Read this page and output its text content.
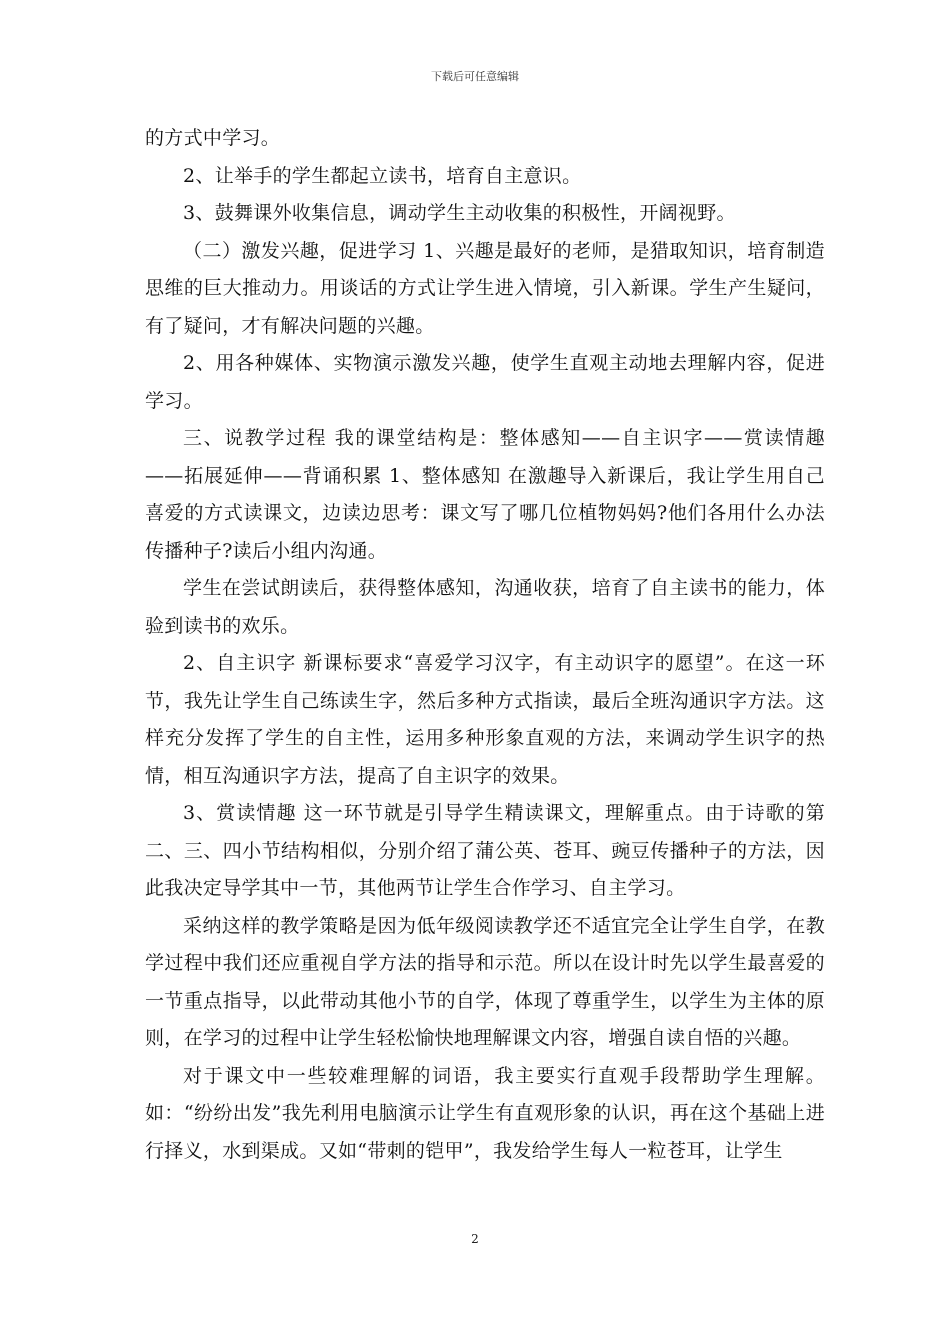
下载后可任意编辑

的方式中学习。

2、让举手的学生都起立读书，培育自主意识。

3、鼓舞课外收集信息，调动学生主动收集的积极性，开阔视野。

（二）激发兴趣，促进学习 1、兴趣是最好的老师，是猎取知识，培育制造思维的巨大推动力。用谈话的方式让学生进入情境，引入新课。学生产生疑问，有了疑问，才有解决问题的兴趣。

2、用各种媒体、实物演示激发兴趣，使学生直观主动地去理解内容，促进学习。

三、说教学过程 我的课堂结构是：整体感知——自主识字——赏读情趣——拓展延伸——背诵积累 1、整体感知 在激趣导入新课后，我让学生用自己喜爱的方式读课文，边读边思考：课文写了哪几位植物妈妈?他们各用什么办法传播种子?读后小组内沟通。

学生在尝试朗读后，获得整体感知，沟通收获，培育了自主读书的能力，体验到读书的欢乐。

2、自主识字 新课标要求“喜爱学习汉字，有主动识字的愿望”。在这一环节，我先让学生自己练读生字，然后多种方式指读，最后全班沟通识字方法。这样充分发挥了学生的自主性，运用多种形象直观的方法，来调动学生识字的热情，相互沟通识字方法，提高了自主识字的效果。

3、赏读情趣 这一环节就是引导学生精读课文，理解重点。由于诗歌的第二、三、四小节结构相似，分别介绍了蒲公英、苍耳、豌豆传播种子的方法，因此我决定导学其中一节，其他两节让学生合作学习、自主学习。

采纳这样的教学策略是因为低年级阅读教学还不适宜完全让学生自学，在教学过程中我们还应重视自学方法的指导和示范。所以在设计时先以学生最喜爱的一节重点指导，以此带动其他小节的自学，体现了尊重学生，以学生为主体的原则，在学习的过程中让学生轻松愉快地理解课文内容，增强自读自悟的兴趣。

对于课文中一些较难理解的词语，我主要实行直观手段帮助学生理解。如：“纷纷出发”我先利用电脑演示让学生有直观形象的认识，再在这个基础上进行择义，水到渠成。又如“带刺的铠甲”，我发给学生每人一粒苍耳，让学生

2
